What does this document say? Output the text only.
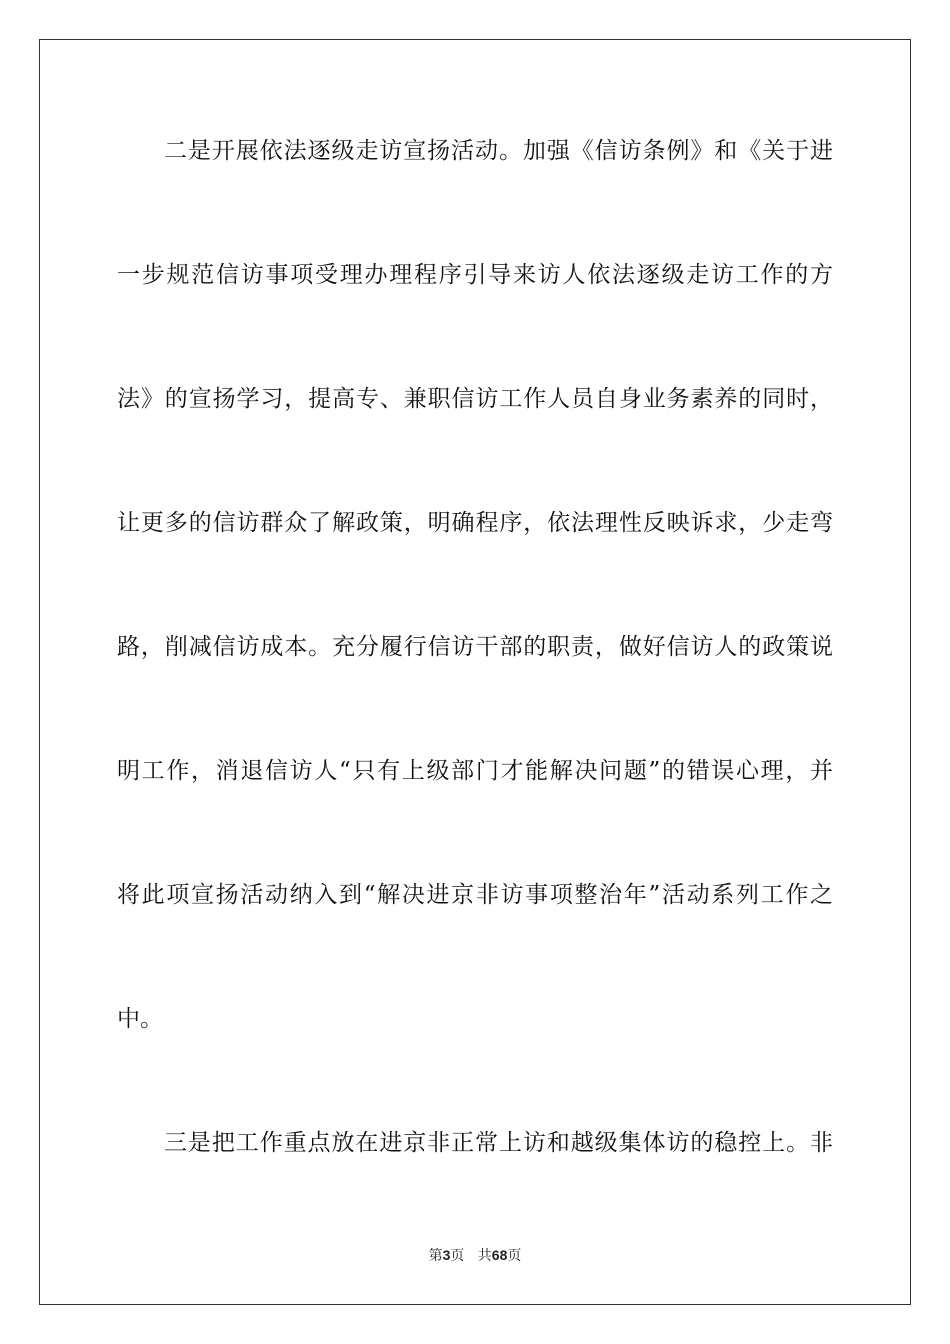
二是开展依法逐级走访宣扬活动。加强《信访条例》和《关于进
一步规范信访事项受理办理程序引导来访人依法逐级走访工作的方
法》的宣扬学习，提高专、兼职信访工作人员自身业务素养的同时，
让更多的信访群众了解政策，明确程序，依法理性反映诉求，少走弯
路，削减信访成本。充分履行信访干部的职责，做好信访人的政策说
明工作，消退信访人“只有上级部门才能解决问题”的错误心理，并
将此项宣扬活动纳入到“解决进京非访事项整治年”活动系列工作之
中。
三是把工作重点放在进京非正常上访和越级集体访的稳控上。非
第3页 共68页
